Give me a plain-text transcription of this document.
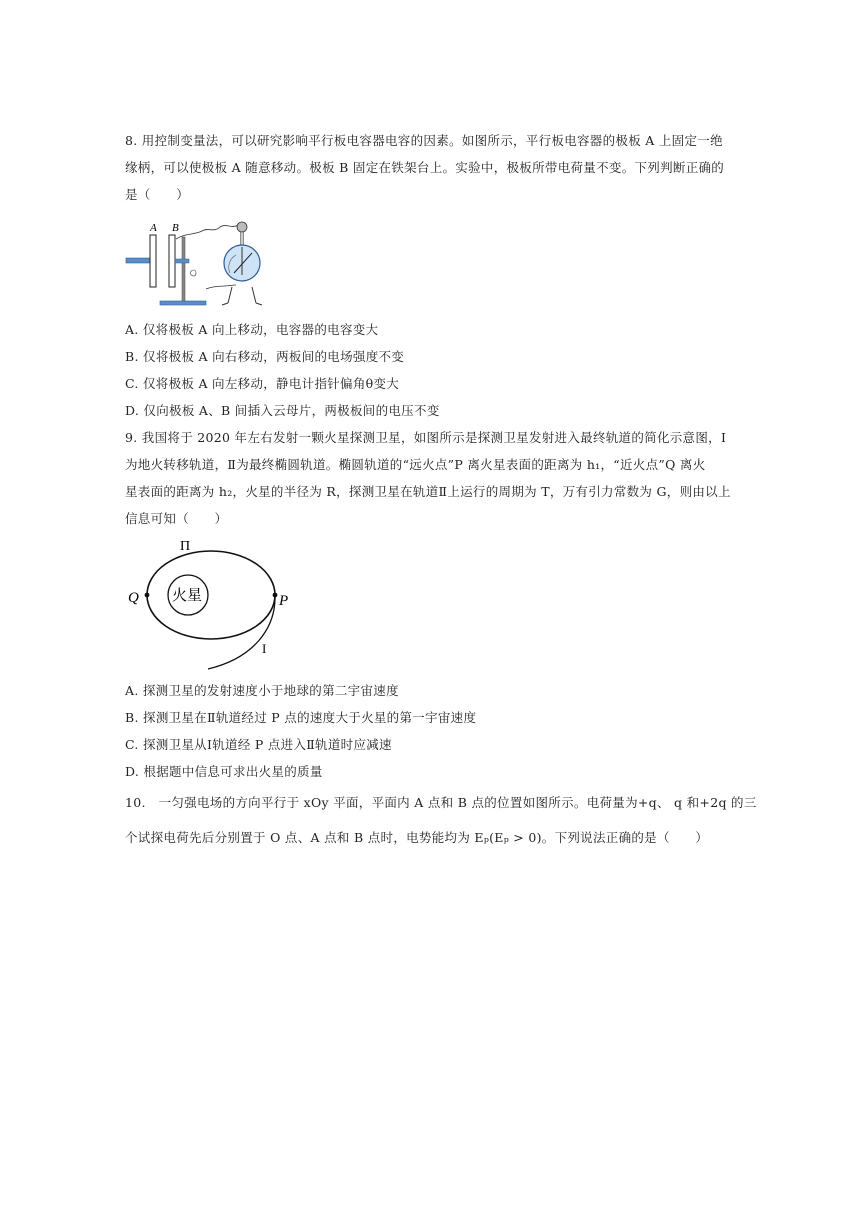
8. 用控制变量法，可以研究影响平行板电容器电容的因素。如图所示，平行板电容器的极板 A 上固定一绝
缘柄，可以使极板 A 随意移动。极板 B 固定在铁架台上。实验中，极板所带电荷量不变。下列判断正确的
是（　　）
A B
A. 仅将极板 A 向上移动，电容器的电容变大
B. 仅将极板 A 向右移动，两板间的电场强度不变
C. 仅将极板 A 向左移动，静电计指针偏角θ变大
D. 仅向极板 A、B 间插入云母片，两极板间的电压不变
9. 我国将于 2020 年左右发射一颗火星探测卫星，如图所示是探测卫星发射进入最终轨道的简化示意图，Ⅰ
为地火转移轨道，Ⅱ为最终椭圆轨道。椭圆轨道的“远火点”P 离火星表面的距离为 h₁，“近火点”Q 离火
星表面的距离为 h₂，火星的半径为 R，探测卫星在轨道Ⅱ上运行的周期为 T，万有引力常数为 G，则由以上
信息可知（　　）
Π
火星
Q	P
I
A. 探测卫星的发射速度小于地球的第二宇宙速度
B. 探测卫星在Ⅱ轨道经过 P 点的速度大于火星的第一宇宙速度
C. 探测卫星从Ⅰ轨道经 P 点进入Ⅱ轨道时应减速
D. 根据题中信息可求出火星的质量
10.　一匀强电场的方向平行于 xOy 平面，平面内 A 点和 B 点的位置如图所示。电荷量为+q、 q 和+2q 的三
个试探电荷先后分别置于 O 点、A 点和 B 点时，电势能均为 Eₚ(Eₚ > 0)。下列说法正确的是（　　）
